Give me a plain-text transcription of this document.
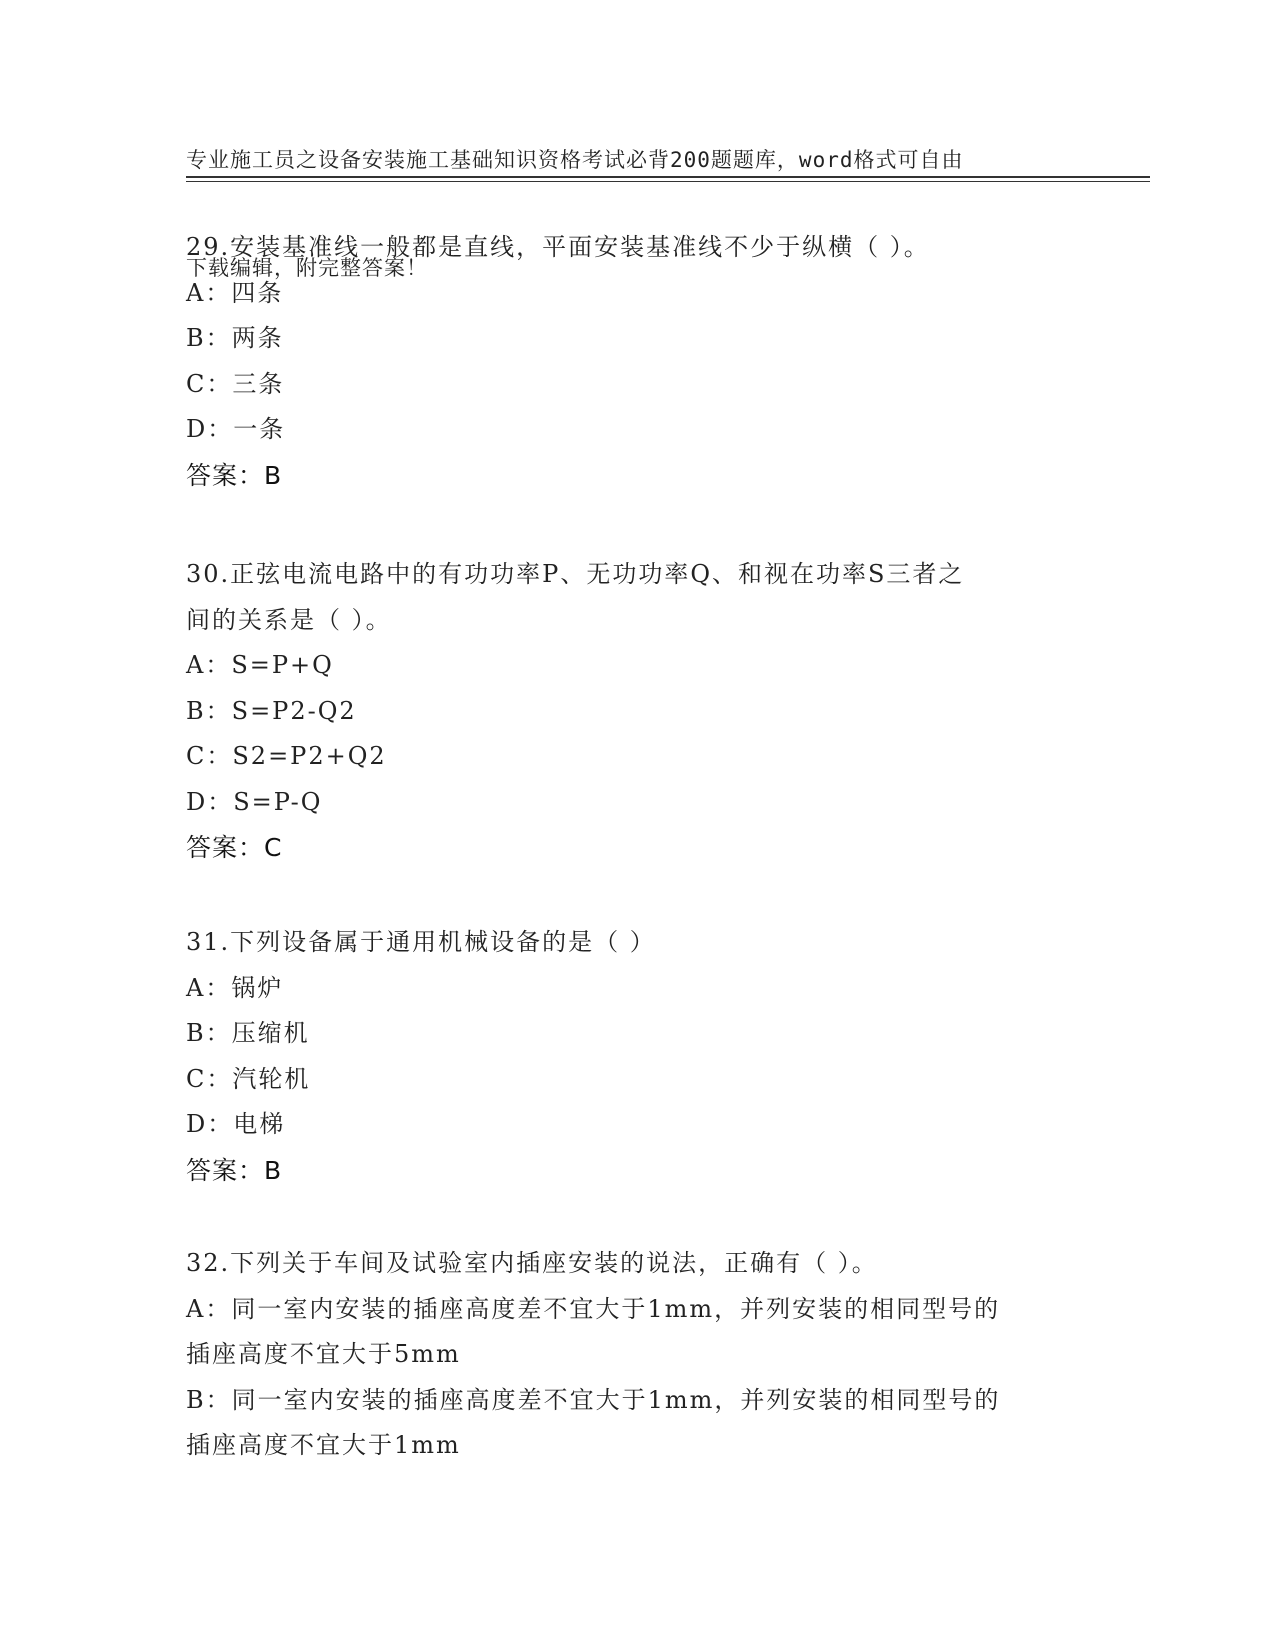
专业施工员之设备安装施工基础知识资格考试必背200题题库，word格式可自由

下载编辑，附完整答案！

29.安装基准线一般都是直线，平面安装基准线不少于纵横（ ）。
A：四条
B：两条
C：三条
D：一条
答案：B
30.正弦电流电路中的有功功率P、无功功率Q、和视在功率S三者之
间的关系是（ ）。
A：S=P+Q
B：S=P2-Q2
C：S2=P2+Q2
D：S=P-Q
答案：C
31.下列设备属于通用机械设备的是（ ）
A：锅炉
B：压缩机
C：汽轮机
D：电梯
答案：B
32.下列关于车间及试验室内插座安装的说法，正确有（ ）。
A：同一室内安装的插座高度差不宜大于1mm，并列安装的相同型号的
插座高度不宜大于5mm
B：同一室内安装的插座高度差不宜大于1mm，并列安装的相同型号的
插座高度不宜大于1mm
